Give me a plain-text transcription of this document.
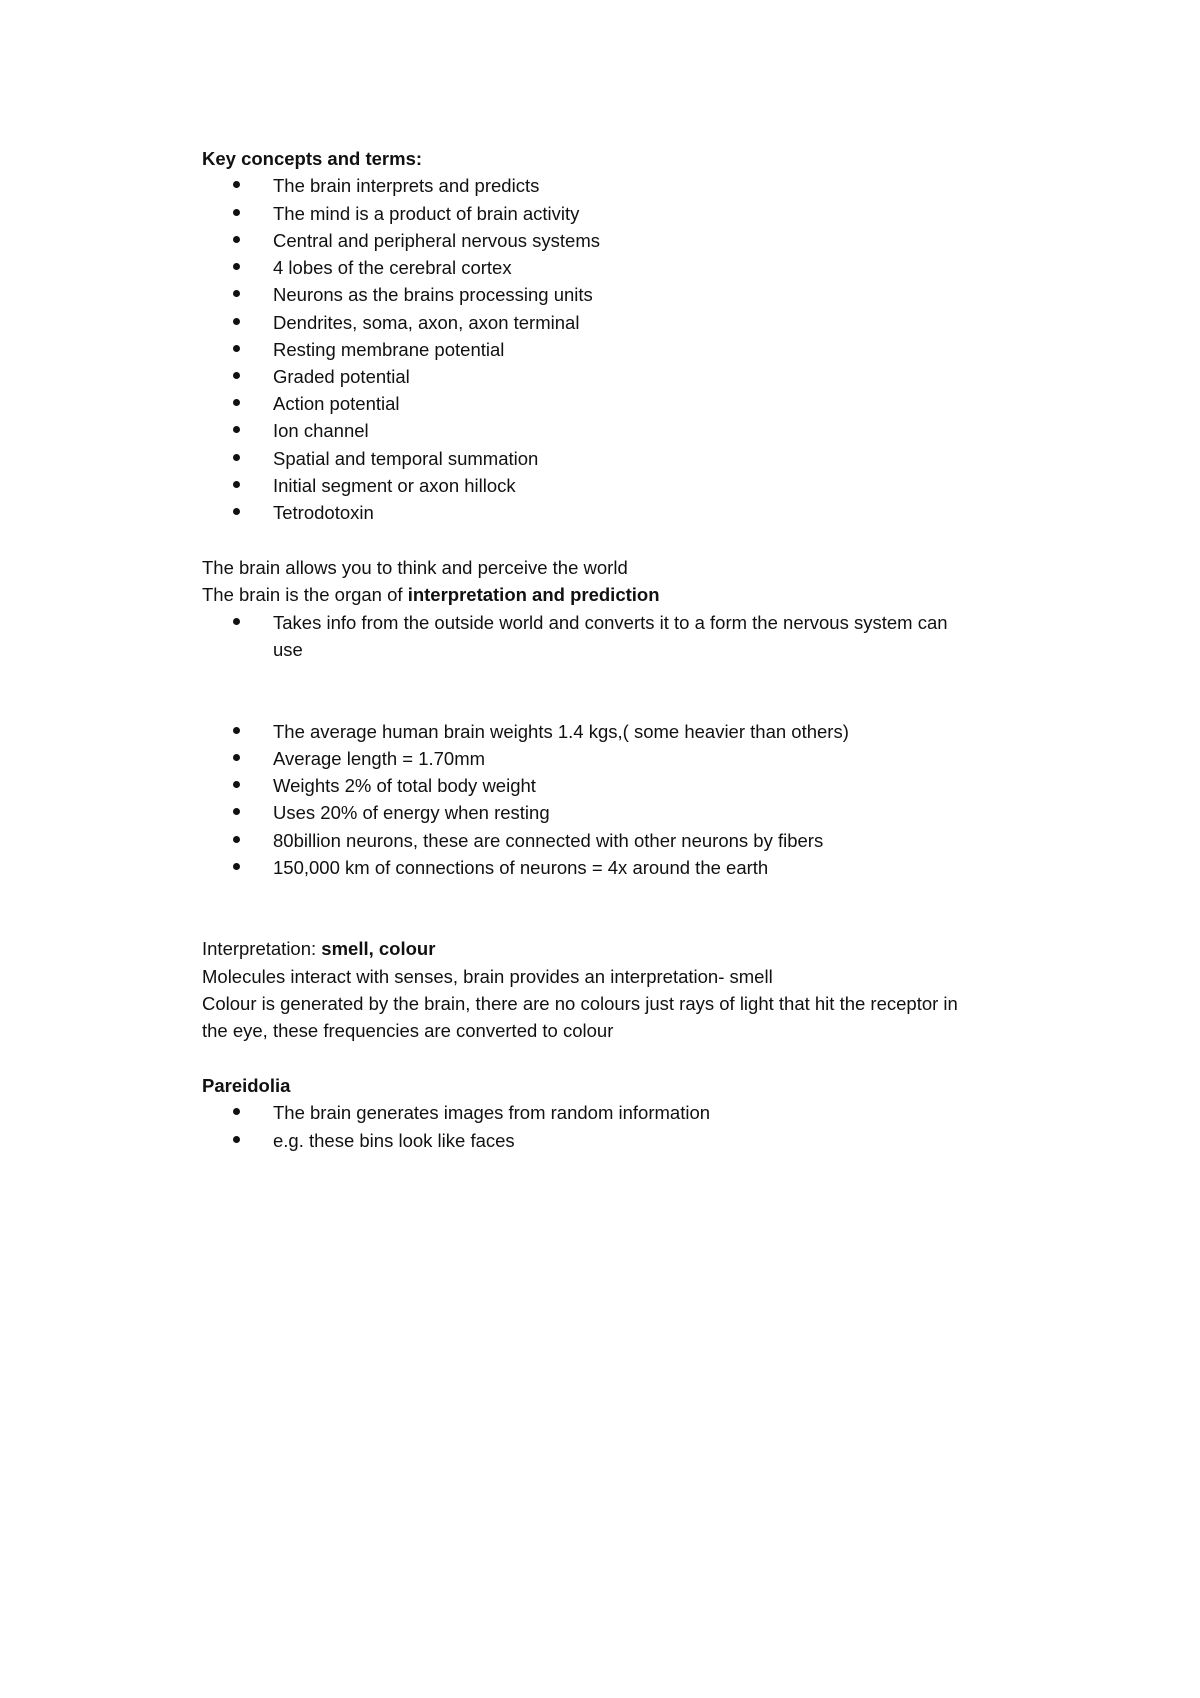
Key concepts and terms:
The brain interprets and predicts
The mind is a product of brain activity
Central and peripheral nervous systems
4 lobes of the cerebral cortex
Neurons as the brains processing units
Dendrites, soma, axon, axon terminal
Resting membrane potential
Graded potential
Action potential
Ion channel
Spatial and temporal summation
Initial segment or axon hillock
Tetrodotoxin
The brain allows you to think and perceive the world
The brain is the organ of interpretation and prediction
Takes info from the outside world and converts it to a form the nervous system can
use
The average human brain weights 1.4 kgs,( some heavier than others)
Average length = 1.70mm
Weights 2% of total body weight
Uses 20% of energy when resting
80billion neurons, these are connected with other neurons by fibers
150,000 km of connections of neurons = 4x around the earth
Interpretation: smell, colour
Molecules interact with senses, brain provides an interpretation- smell
Colour is generated by the brain, there are no colours just rays of light that hit the receptor in
the eye, these frequencies are converted to colour
Pareidolia
The brain generates images from random information
e.g. these bins look like faces
